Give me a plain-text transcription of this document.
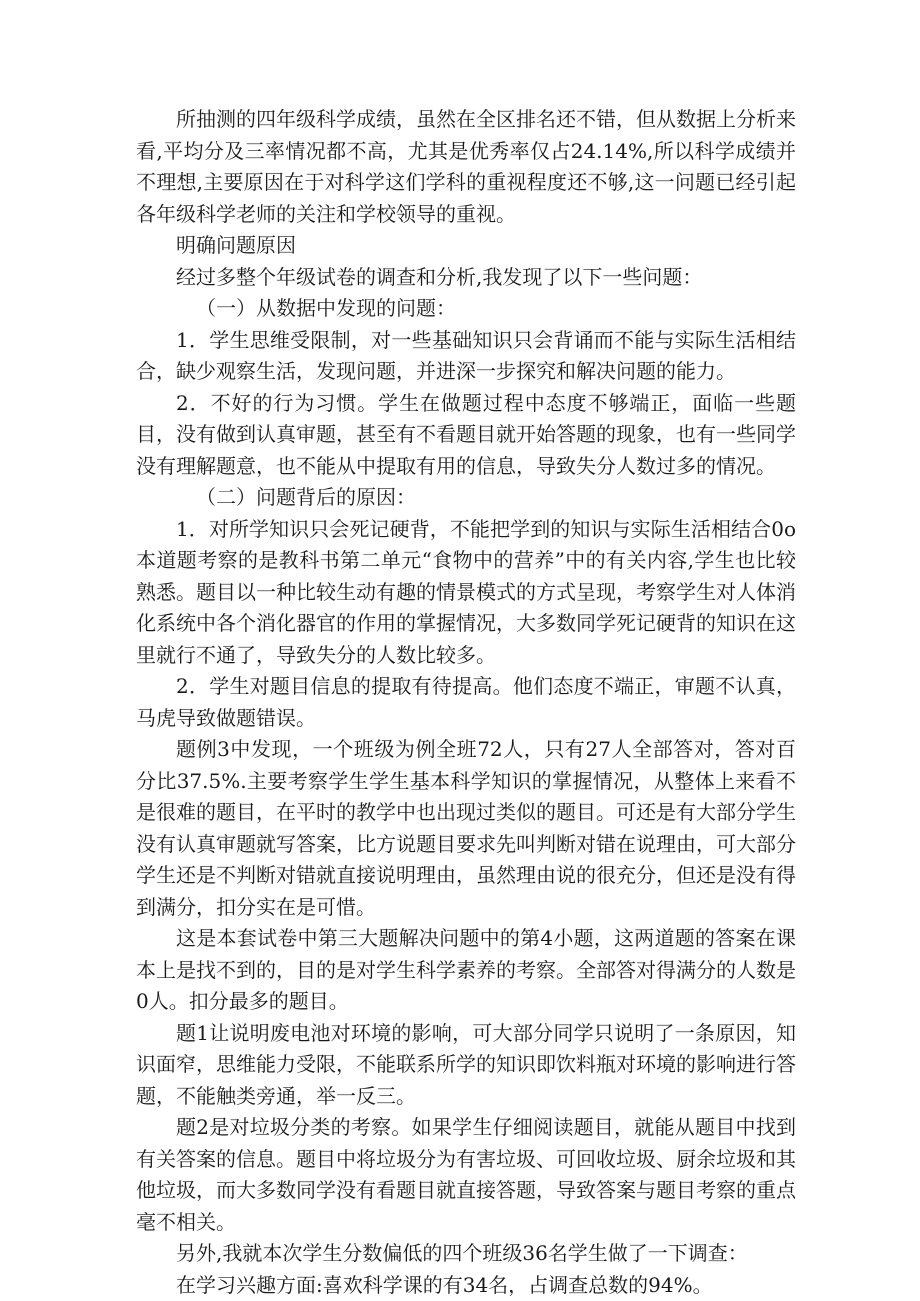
所抽测的四年级科学成绩，虽然在全区排名还不错，但从数据上分析来看,平均分及三率情况都不高，尤其是优秀率仅占24.14%,所以科学成绩并不理想,主要原因在于对科学这们学科的重视程度还不够,这一问题已经引起各年级科学老师的关注和学校领导的重视。

明确问题原因

经过多整个年级试卷的调查和分析,我发现了以下一些问题：

（一）从数据中发现的问题：

1．学生思维受限制，对一些基础知识只会背诵而不能与实际生活相结合，缺少观察生活，发现问题，并进深一步探究和解决问题的能力。

2．不好的行为习惯。学生在做题过程中态度不够端正，面临一些题目，没有做到认真审题，甚至有不看题目就开始答题的现象，也有一些同学没有理解题意，也不能从中提取有用的信息，导致失分人数过多的情况。

（二）问题背后的原因：

1．对所学知识只会死记硬背，不能把学到的知识与实际生活相结合0o 本道题考察的是教科书第二单元“食物中的营养”中的有关内容,学生也比较熟悉。题目以一种比较生动有趣的情景模式的方式呈现，考察学生对人体消化系统中各个消化器官的作用的掌握情况，大多数同学死记硬背的知识在这里就行不通了，导致失分的人数比较多。

2．学生对题目信息的提取有待提高。他们态度不端正，审题不认真，马虎导致做题错误。

题例3中发现，一个班级为例全班72人，只有27人全部答对，答对百分比37.5%.主要考察学生学生基本科学知识的掌握情况，从整体上来看不是很难的题目，在平时的教学中也出现过类似的题目。可还是有大部分学生没有认真审题就写答案，比方说题目要求先叫判断对错在说理由，可大部分学生还是不判断对错就直接说明理由，虽然理由说的很充分，但还是没有得到满分，扣分实在是可惜。

这是本套试卷中第三大题解决问题中的第4小题，这两道题的答案在课本上是找不到的，目的是对学生科学素养的考察。全部答对得满分的人数是0人。扣分最多的题目。

题1让说明废电池对环境的影响，可大部分同学只说明了一条原因，知识面窄，思维能力受限，不能联系所学的知识即饮料瓶对环境的影响进行答题，不能触类旁通，举一反三。

题2是对垃圾分类的考察。如果学生仔细阅读题目，就能从题目中找到有关答案的信息。题目中将垃圾分为有害垃圾、可回收垃圾、厨余垃圾和其他垃圾，而大多数同学没有看题目就直接答题，导致答案与题目考察的重点毫不相关。

另外,我就本次学生分数偏低的四个班级36名学生做了一下调查：

在学习兴趣方面:喜欢科学课的有34名，占调查总数的94%。
